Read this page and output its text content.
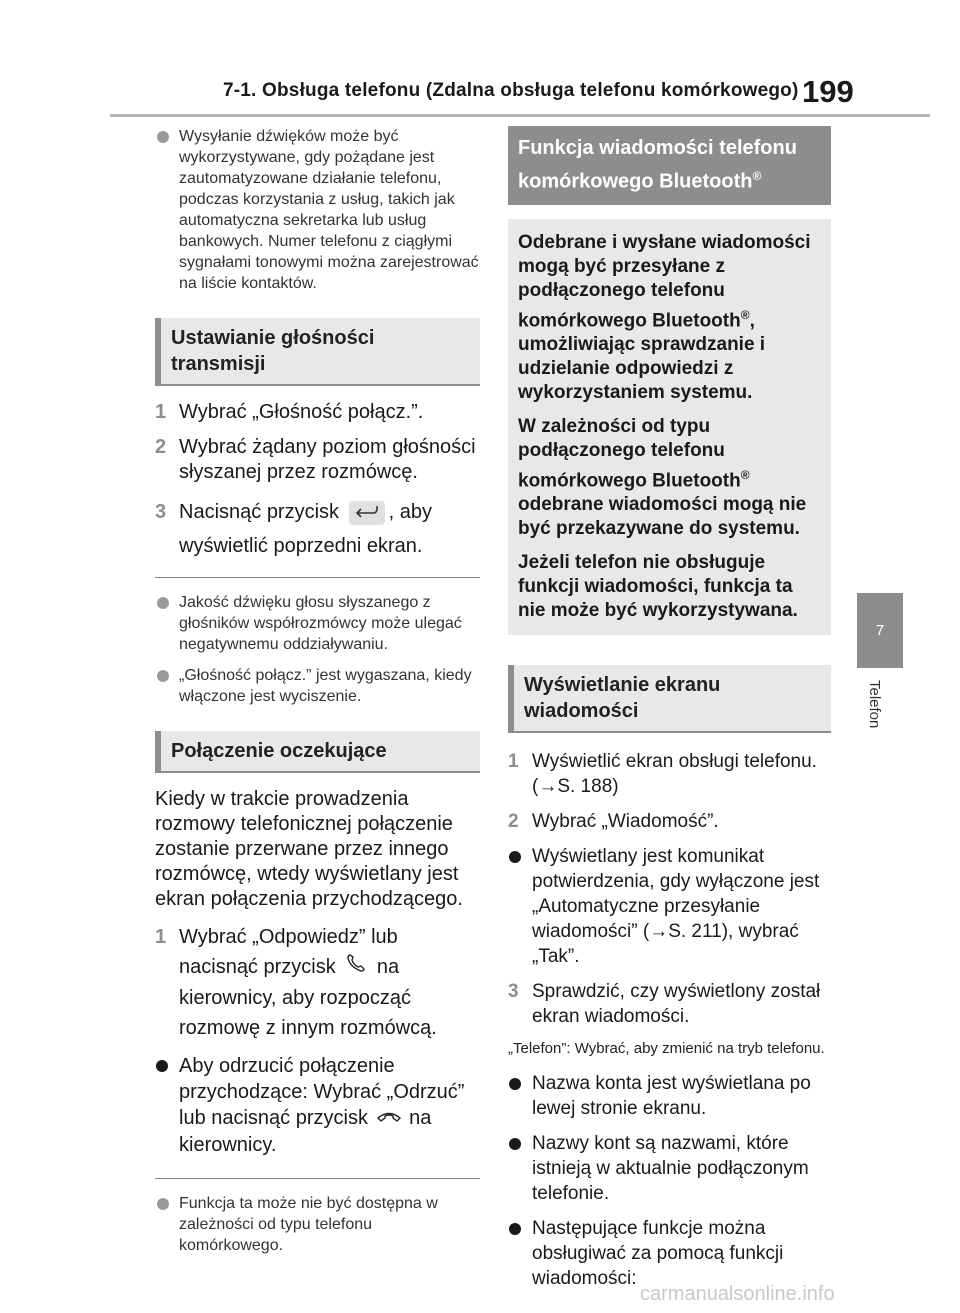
7-1. Obsługa telefonu (Zdalna obsługa telefonu komórkowego) 199
7
Telefon
Wysyłanie dźwięków może być wykorzystywane, gdy pożądane jest zautomatyzowane działanie telefonu, podczas korzystania z usług, takich jak automatyczna sekretarka lub usług bankowych. Numer telefonu z ciągłymi sygnałami tonowymi można zarejestrować na liście kontaktów.
Ustawianie głośności transmisji
1 Wybrać „Głośność połącz.”.
2 Wybrać żądany poziom głośności słyszanej przez rozmówcę.
3 Nacisnąć przycisk , aby wyświetlić poprzedni ekran.
Jakość dźwięku głosu słyszanego z głośników współrozmówcy może ulegać negatywnemu oddziaływaniu.
„Głośność połącz.” jest wygaszana, kiedy włączone jest wyciszenie.
Połączenie oczekujące
Kiedy w trakcie prowadzenia rozmowy telefonicznej połączenie zostanie przerwane przez innego rozmówcę, wtedy wyświetlany jest ekran połączenia przychodzącego.
1 Wybrać „Odpowiedz” lub nacisnąć przycisk na kierownicy, aby rozpocząć rozmowę z innym rozmówcą.
Aby odrzucić połączenie przychodzące: Wybrać „Odrzuć” lub nacisnąć przycisk na kierownicy.
Funkcja ta może nie być dostępna w zależności od typu telefonu komórkowego.
Funkcja wiadomości telefonu komórkowego Bluetooth®

Odebrane i wysłane wiadomości mogą być przesyłane z podłączonego telefonu komórkowego Bluetooth®, umożliwiając sprawdzanie i udzielanie odpowiedzi z wykorzystaniem systemu.

W zależności od typu podłączonego telefonu komórkowego Bluetooth® odebrane wiadomości mogą nie być przekazywane do systemu.

Jeżeli telefon nie obsługuje funkcji wiadomości, funkcja ta nie może być wykorzystywana.

Wyświetlanie ekranu wiadomości
1 Wyświetlić ekran obsługi telefonu. (→S. 188)
2 Wybrać „Wiadomość”.
Wyświetlany jest komunikat potwierdzenia, gdy wyłączone jest „Automatyczne przesyłanie wiadomości” (→S. 211), wybrać „Tak”.
3 Sprawdzić, czy wyświetlony został ekran wiadomości.
„Telefon”: Wybrać, aby zmienić na tryb telefonu.
Nazwa konta jest wyświetlana po lewej stronie ekranu.
Nazwy kont są nazwami, które istnieją w aktualnie podłączonym telefonie.
Następujące funkcje można obsługiwać za pomocą funkcji wiadomości:
carmanualsonline.info
